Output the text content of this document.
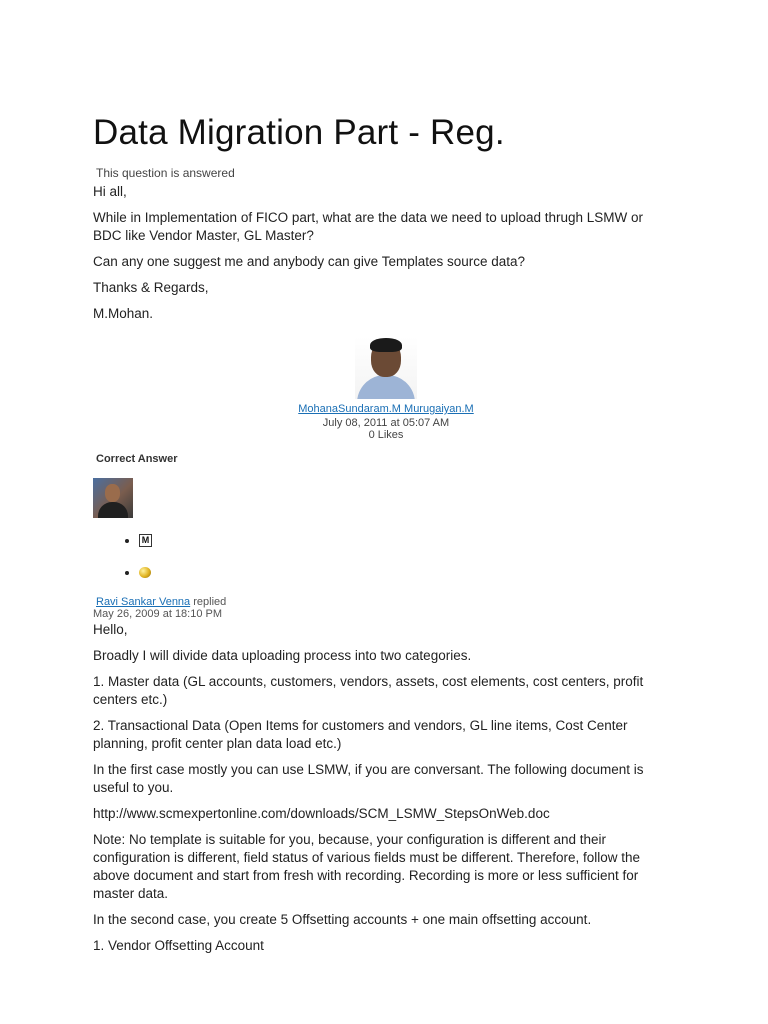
Data Migration Part - Reg.
This question is answered

Hi all,

While in Implementation of FICO part, what are the data we need to upload thrugh LSMW or BDC like Vendor Master, GL Master?

Can any one suggest me and anybody can give Templates source data?

Thanks & Regards,

M.Mohan.

MohanaSundaram.M Murugaiyan.M
July 08, 2011 at 05:07 AM
0 Likes
Correct Answer
• M
•
Ravi Sankar Venna replied
May 26, 2009 at 18:10 PM

Hello,

Broadly I will divide data uploading process into two categories.

1. Master data (GL accounts, customers, vendors, assets, cost elements, cost centers, profit centers etc.)

2. Transactional Data (Open Items for customers and vendors, GL line items, Cost Center planning, profit center plan data load etc.)

In the first case mostly you can use LSMW, if you are conversant. The following document is useful to you.

http://www.scmexpertonline.com/downloads/SCM_LSMW_StepsOnWeb.doc

Note: No template is suitable for you, because, your configuration is different and their configuration is different, field status of various fields must be different. Therefore, follow the above document and start from fresh with recording. Recording is more or less sufficient for master data.

In the second case, you create 5 Offsetting accounts + one main offsetting account.

1. Vendor Offsetting Account
